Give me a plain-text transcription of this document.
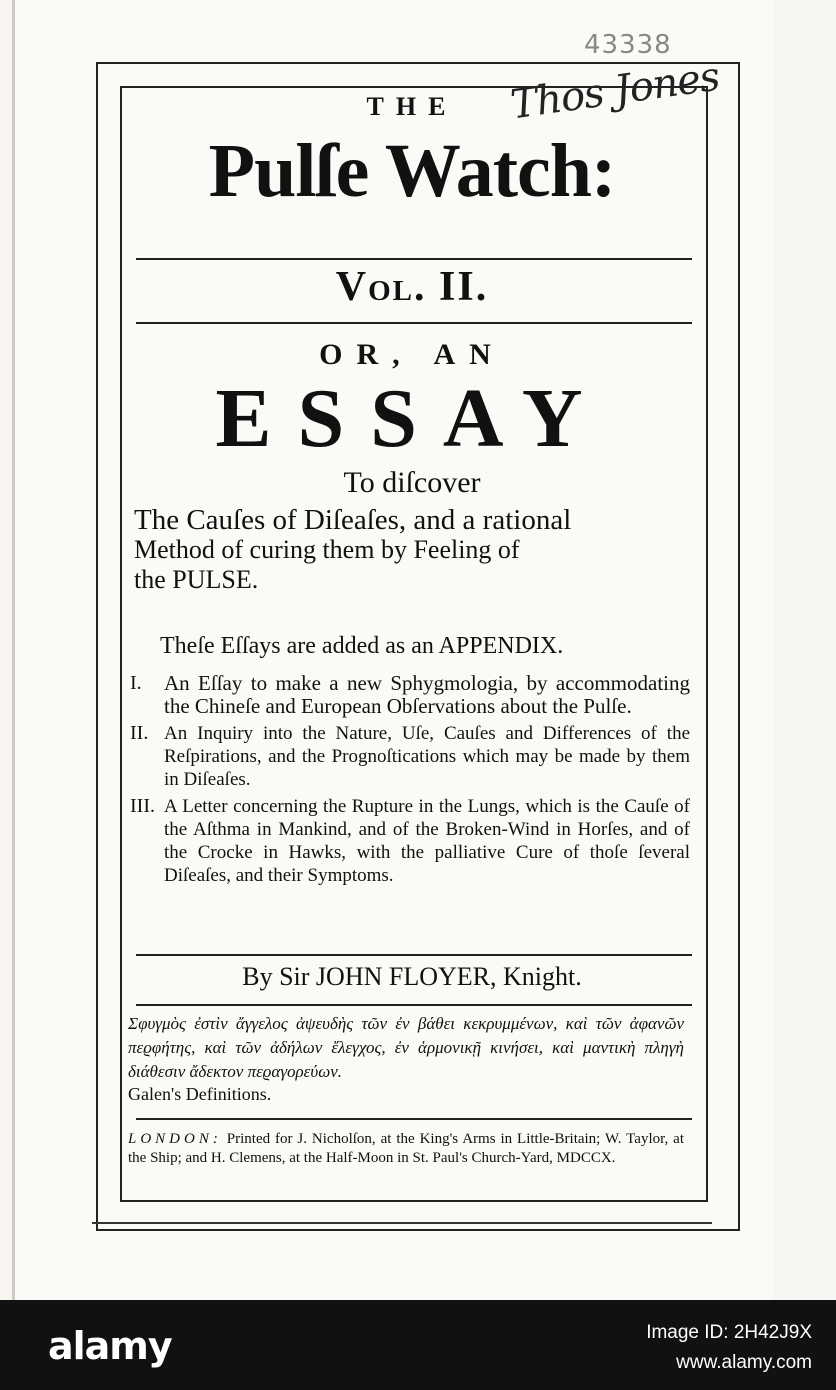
43338
Thos Jones

THE

Pulſe Watch:

Vol. II.

OR, AN

ESSAY

To diſcover

The Cauſes of Diſeaſes, and a rational
Method of curing them by Feeling of
the PULSE.

Theſe Eſſays are added as an APPENDIX.

I.	An Eſſay to make a new Sphygmologia, by accommodating the Chineſe and European Obſervations about the Pulſe.
II. An Inquiry into the Nature, Uſe, Cauſes and Differences of the Reſpirations, and the Prognoſtications which may be made by them in Diſeaſes.
III. A Letter concerning the Rupture in the Lungs, which is the Cauſe of the Aſthma in Mankind, and of the Broken-Wind in Horſes, and of the Crocke in Hawks, with the palliative Cure of thoſe ſeveral Diſeaſes, and their Symptoms.

By Sir JOHN FLOYER, Knight.

Σφυγμὸς ἐστὶν ἄγγελος ἀψευδὴς τῶν ἐν βάθει κεκρυμμένων, καὶ τῶν ἀφανῶν πεϱφήτης, καὶ τῶν ἀδήλων ἔλεγχος, ἐν ἁρμονικῇ κινήσει, καὶ μαντικὴ πληγὴ διάθεσιν ἄδεκτον πεϱαγορεύων.

Galen's Definitions.

LONDON: Printed for J. Nicholſon, at the King's Arms in Little-Britain; W. Taylor, at the Ship; and H. Clemens, at the Half-Moon in St. Paul's Church-Yard, MDCCX.

alamy	Image ID: 2H42J9X
www.alamy.com
